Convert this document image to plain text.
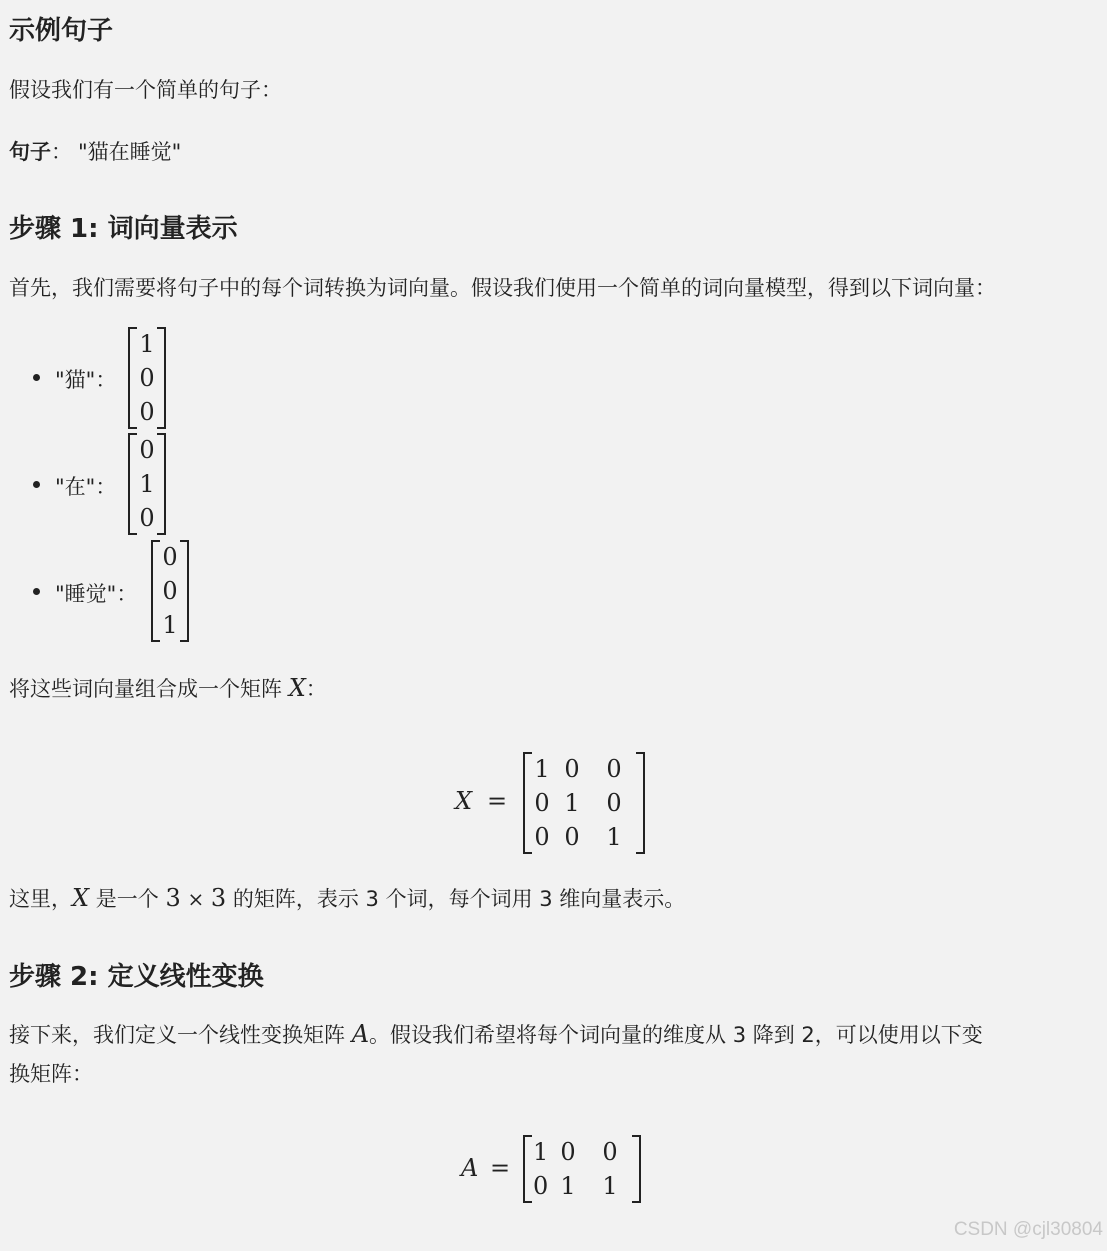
示例句子
假设我们有一个简单的句子：
句子： "猫在睡觉"
步骤 1: 词向量表示
首先，我们需要将句子中的每个词转换为词向量。假设我们使用一个简单的词向量模型，得到以下词向量：
"猫"：
1
0
0
"在"：
0
1
0
"睡觉"：
0
0
1
将这些词向量组合成一个矩阵 X：
X =
1 0	0
0 1	0
0 0	1
这里，X 是一个 3 × 3 的矩阵，表示 3 个词，每个词用 3 维向量表示。
步骤 2: 定义线性变换
接下来，我们定义一个线性变换矩阵 A。假设我们希望将每个词向量的维度从 3 降到 2，可以使用以下变
换矩阵：
A =
1 0	0
0 1	1
CSDN @cjl30804
